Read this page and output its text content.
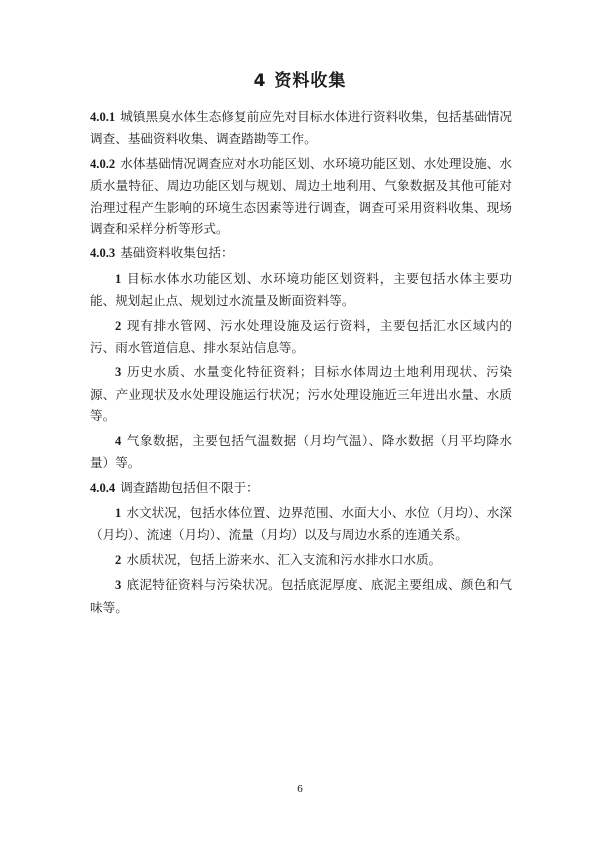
4 资料收集

4.0.1 城镇黑臭水体生态修复前应先对目标水体进行资料收集，包括基础情况调查、基础资料收集、调查踏勘等工作。

4.0.2 水体基础情况调查应对水功能区划、水环境功能区划、水处理设施、水质水量特征、周边功能区划与规划、周边土地利用、气象数据及其他可能对治理过程产生影响的环境生态因素等进行调查，调查可采用资料收集、现场调查和采样分析等形式。

4.0.3 基础资料收集包括：

1 目标水体水功能区划、水环境功能区划资料，主要包括水体主要功能、规划起止点、规划过水流量及断面资料等。

2 现有排水管网、污水处理设施及运行资料，主要包括汇水区域内的污、雨水管道信息、排水泵站信息等。

3 历史水质、水量变化特征资料；目标水体周边土地利用现状、污染源、产业现状及水处理设施运行状况；污水处理设施近三年进出水量、水质等。

4 气象数据，主要包括气温数据（月均气温）、降水数据（月平均降水量）等。

4.0.4 调查踏勘包括但不限于：

1 水文状况，包括水体位置、边界范围、水面大小、水位（月均）、水深（月均）、流速（月均）、流量（月均）以及与周边水系的连通关系。

2 水质状况，包括上游来水、汇入支流和污水排水口水质。

3 底泥特征资料与污染状况。包括底泥厚度、底泥主要组成、颜色和气味等。

6
